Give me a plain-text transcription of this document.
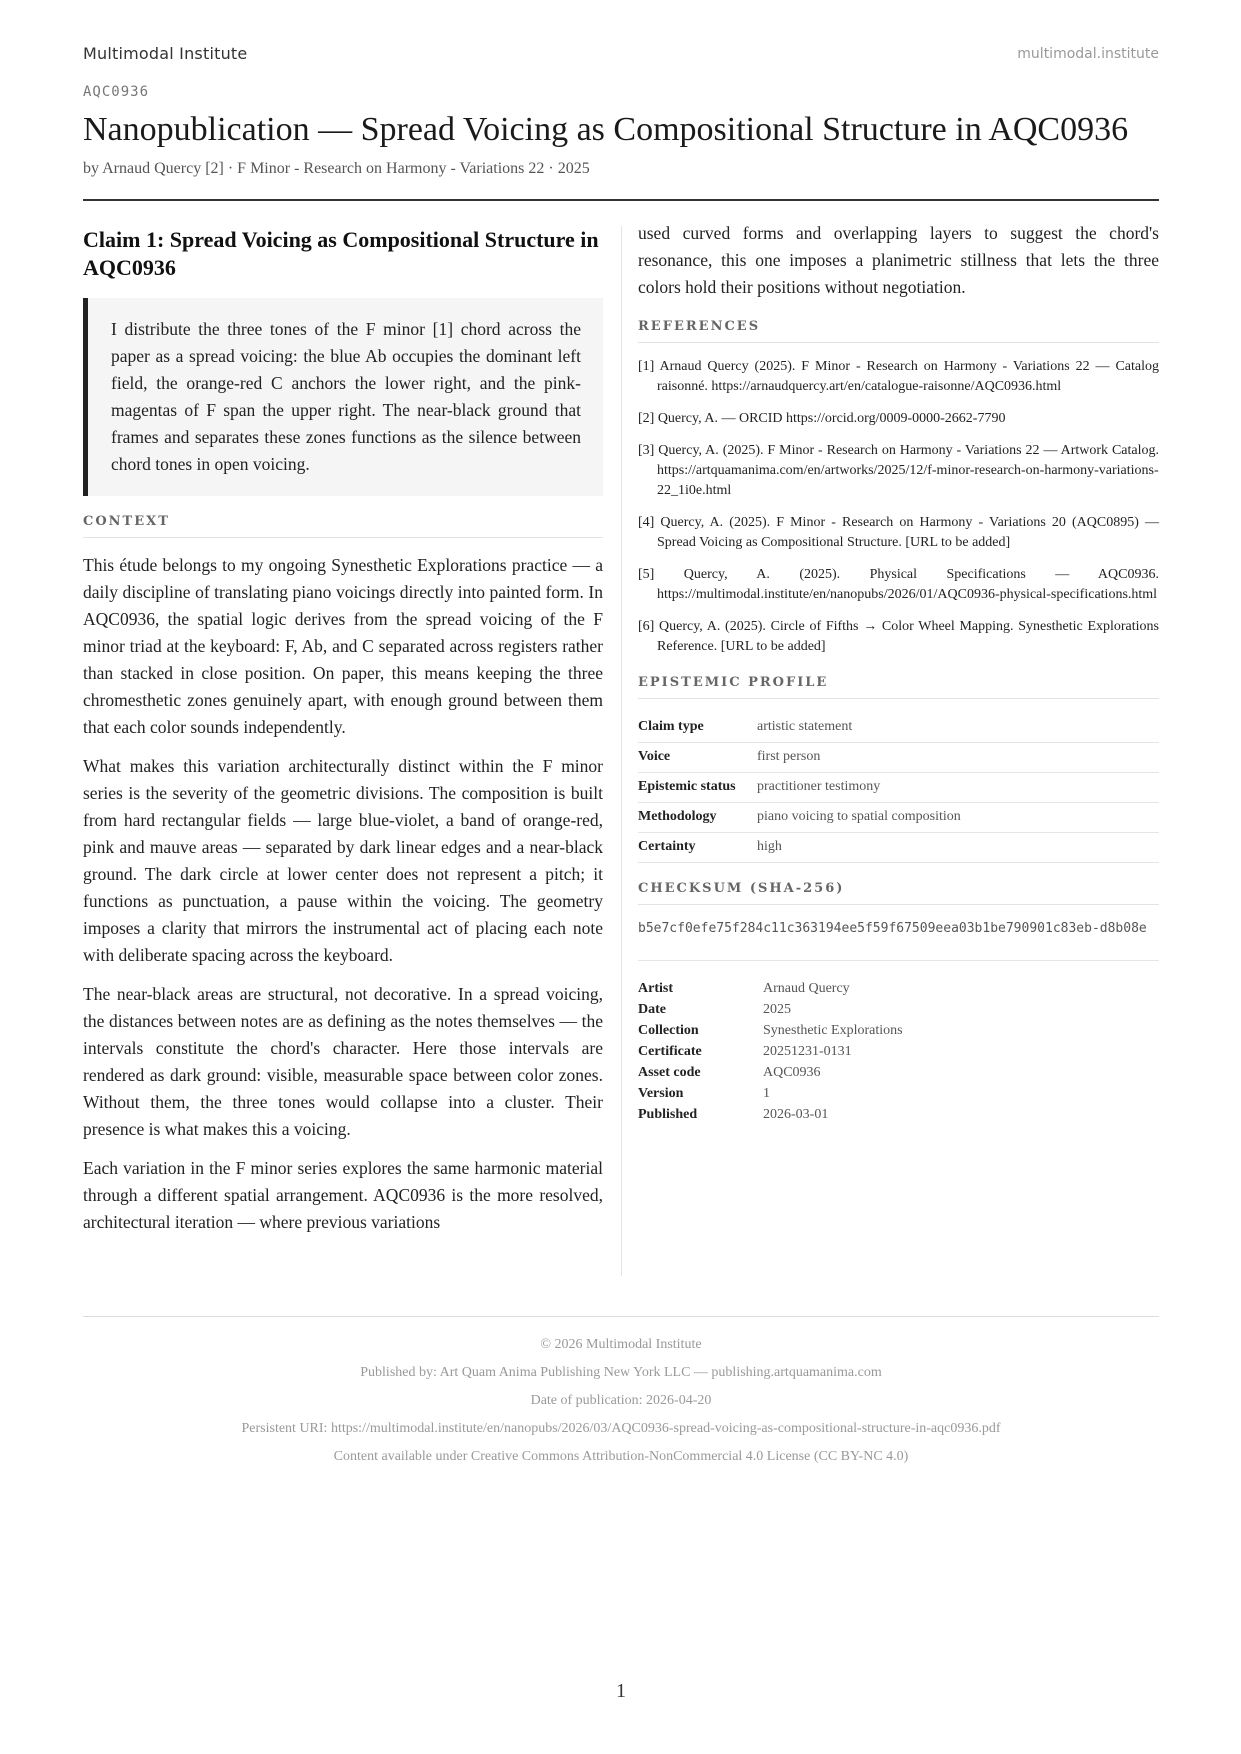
Multimodal Institute	multimodal.institute
AQC0936
Nanopublication — Spread Voicing as Compositional Structure in AQC0936
by Arnaud Quercy [2] · F Minor - Research on Harmony - Variations 22 · 2025
Claim 1: Spread Voicing as Compositional Structure in AQC0936
I distribute the three tones of the F minor [1] chord across the paper as a spread voicing: the blue Ab occupies the dominant left field, the orange-red C anchors the lower right, and the pink-magentas of F span the upper right. The near-black ground that frames and separates these zones functions as the silence between chord tones in open voicing.
CONTEXT

This étude belongs to my ongoing Synesthetic Explorations practice — a daily discipline of translating piano voicings directly into painted form. In AQC0936, the spatial logic derives from the spread voicing of the F minor triad at the keyboard: F, Ab, and C separated across registers rather than stacked in close position. On paper, this means keeping the three chromesthetic zones genuinely apart, with enough ground between them that each color sounds independently.

What makes this variation architecturally distinct within the F minor series is the severity of the geometric divisions. The composition is built from hard rectangular fields — large blue-violet, a band of orange-red, pink and mauve areas — separated by dark linear edges and a near-black ground. The dark circle at lower center does not represent a pitch; it functions as punctuation, a pause within the voicing. The geometry imposes a clarity that mirrors the instrumental act of placing each note with deliberate spacing across the keyboard.

The near-black areas are structural, not decorative. In a spread voicing, the distances between notes are as defining as the notes themselves — the intervals constitute the chord's character. Here those intervals are rendered as dark ground: visible, measurable space between color zones. Without them, the three tones would collapse into a cluster. Their presence is what makes this a voicing.

Each variation in the F minor series explores the same harmonic material through a different spatial arrangement. AQC0936 is the more resolved, architectural iteration — where previous variations

used curved forms and overlapping layers to suggest the chord's resonance, this one imposes a planimetric stillness that lets the three colors hold their positions without negotiation.

REFERENCES

[1] Arnaud Quercy (2025). F Minor - Research on Harmony - Variations 22 — Catalog raisonné. https://arnaudquercy.art/en/catalogue-raisonne/AQC0936.html

[2] Quercy, A. — ORCID https://orcid.org/0009-0000-2662-7790

[3] Quercy, A. (2025). F Minor - Research on Harmony - Variations 22 — Artwork Catalog. https://artquamanima.com/en/artworks/2025/12/f-minor-research-on-harmony-variations-22_1i0e.html

[4] Quercy, A. (2025). F Minor - Research on Harmony - Variations 20 (AQC0895) — Spread Voicing as Compositional Structure. [URL to be added]

[5] Quercy, A. (2025). Physical Specifications — AQC0936. https://multimodal.institute/en/nanopubs/2026/01/AQC0936-physical-specifications.html

[6] Quercy, A. (2025). Circle of Fifths → Color Wheel Mapping. Synesthetic Explorations Reference. [URL to be added]

EPISTEMIC PROFILE
Claim type	artistic statement
Voice	first person
Epistemic status	practitioner testimony
Methodology	piano voicing to spatial composition
Certainty	high
CHECKSUM (SHA-256)
b5e7cf0efe75f284c11c363194ee5f59f67509eea03b1be790901c83eb-d8b08e
Artist	Arnaud Quercy
Date	2025
Collection	Synesthetic Explorations
Certificate	20251231-0131
Asset code	AQC0936
Version	1
Published	2026-03-01
© 2026 Multimodal Institute
Published by: Art Quam Anima Publishing New York LLC — publishing.artquamanima.com
Date of publication: 2026-04-20
Persistent URI: https://multimodal.institute/en/nanopubs/2026/03/AQC0936-spread-voicing-as-compositional-structure-in-aqc0936.pdf
Content available under Creative Commons Attribution-NonCommercial 4.0 License (CC BY-NC 4.0)
1
